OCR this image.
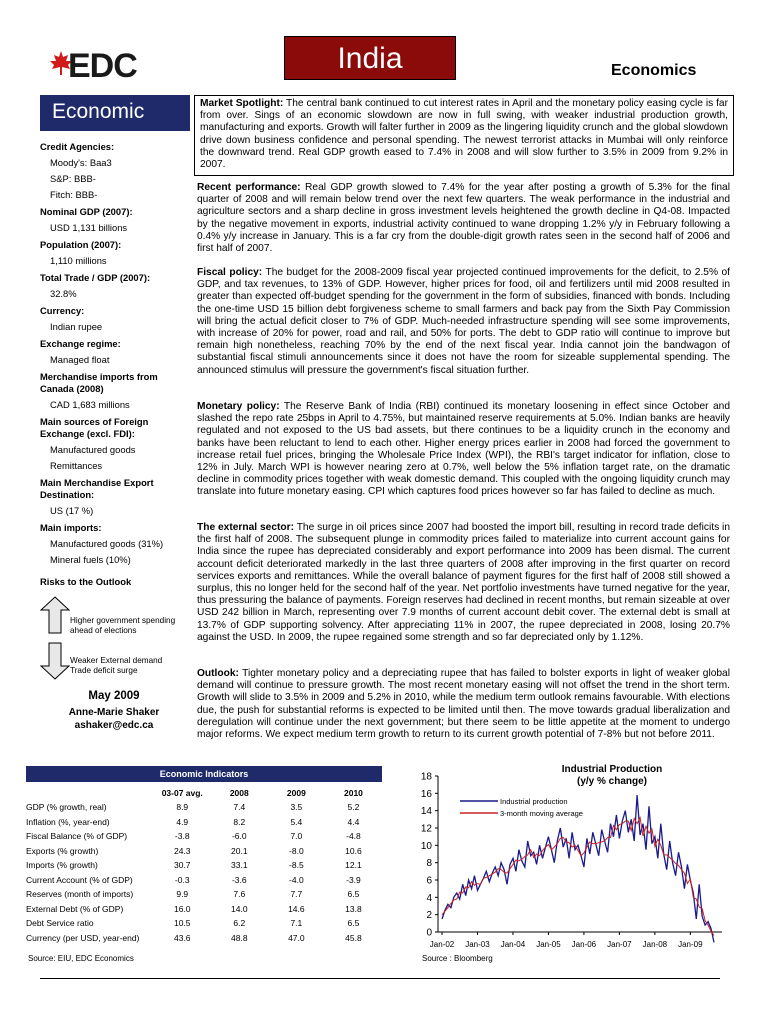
EDC	India	Economics
Economic
Credit Agencies:
Moody's: Baa3
S&P: BBB-
Fitch: BBB-
Nominal GDP (2007):
USD 1,131 billions
Population (2007):
1,110 millions
Total Trade / GDP (2007):
32.8%
Currency:
Indian rupee
Exchange regime:
Managed float
Merchandise imports from Canada (2008)
CAD 1,683 millions
Main sources of Foreign Exchange (excl. FDI):
Manufactured goods
Remittances
Main Merchandise Export Destination:
US (17 %)
Main imports:
Manufactured goods (31%)
Mineral fuels (10%)
Risks to the Outlook
Higher government spending ahead of elections
Weaker External demand Trade deficit surge
May 2009
Anne-Marie Shaker
ashaker@edc.ca
Market Spotlight: The central bank continued to cut interest rates in April and the monetary policy easing cycle is far from over. Sings of an economic slowdown are now in full swing, with weaker industrial production growth, manufacturing and exports. Growth will falter further in 2009 as the lingering liquidity crunch and the global slowdown drive down business confidence and personal spending. The newest terrorist attacks in Mumbai will only reinforce the downward trend. Real GDP growth eased to 7.4% in 2008 and will slow further to 3.5% in 2009 from 9.2% in 2007.
Recent performance: Real GDP growth slowed to 7.4% for the year after posting a growth of 5.3% for the final quarter of 2008 and will remain below trend over the next few quarters. The weak performance in the industrial and agriculture sectors and a sharp decline in gross investment levels heightened the growth decline in Q4-08. Impacted by the negative movement in exports, industrial activity continued to wane dropping 1.2% y/y in February following a 0.4% y/y increase in January. This is a far cry from the double-digit growth rates seen in the second half of 2006 and first half of 2007.
Fiscal policy: The budget for the 2008-2009 fiscal year projected continued improvements for the deficit, to 2.5% of GDP, and tax revenues, to 13% of GDP. However, higher prices for food, oil and fertilizers until mid 2008 resulted in greater than expected off-budget spending for the government in the form of subsidies, financed with bonds. Including the one-time USD 15 billion debt forgiveness scheme to small farmers and back pay from the Sixth Pay Commission will bring the actual deficit closer to 7% of GDP. Much-needed infrastructure spending will see some improvements, with increase of 20% for power, road and rail, and 50% for ports. The debt to GDP ratio will continue to improve but remain high nonetheless, reaching 70% by the end of the next fiscal year. India cannot join the bandwagon of substantial fiscal stimuli announcements since it does not have the room for sizeable supplemental spending. The announced stimulus will pressure the government's fiscal situation further.
Monetary policy: The Reserve Bank of India (RBI) continued its monetary loosening in effect since October and slashed the repo rate 25bps in April to 4.75%, but maintained reserve requirements at 5.0%. Indian banks are heavily regulated and not exposed to the US bad assets, but there continues to be a liquidity crunch in the economy and banks have been reluctant to lend to each other. Higher energy prices earlier in 2008 had forced the government to increase retail fuel prices, bringing the Wholesale Price Index (WPI), the RBI's target indicator for inflation, close to 12% in July. March WPI is however nearing zero at 0.7%, well below the 5% inflation target rate, on the dramatic decline in commodity prices together with weak domestic demand. This coupled with the ongoing liquidity crunch may translate into future monetary easing. CPI which captures food prices however so far has failed to decline as much.
The external sector: The surge in oil prices since 2007 had boosted the import bill, resulting in record trade deficits in the first half of 2008. The subsequent plunge in commodity prices failed to materialize into current account gains for India since the rupee has depreciated considerably and export performance into 2009 has been dismal. The current account deficit deteriorated markedly in the last three quarters of 2008 after improving in the first quarter on record services exports and remittances. While the overall balance of payment figures for the first half of 2008 still showed a surplus, this no longer held for the second half of the year. Net portfolio investments have turned negative for the year, thus pressuring the balance of payments. Foreign reserves had declined in recent months, but remain sizeable at over USD 242 billion in March, representing over 7.9 months of current account debit cover. The external debt is small at 13.7% of GDP supporting solvency. After appreciating 11% in 2007, the rupee depreciated in 2008, losing 20.7% against the USD. In 2009, the rupee regained some strength and so far depreciated only by 1.12%.
Outlook: Tighter monetary policy and a depreciating rupee that has failed to bolster exports in light of weaker global demand will continue to pressure growth. The most recent monetary easing will not offset the trend in the short term. Growth will slide to 3.5% in 2009 and 5.2% in 2010, while the medium term outlook remains favourable. With elections due, the push for substantial reforms is expected to be limited until then. The move towards gradual liberalization and deregulation will continue under the next government; but there seem to be little appetite at the moment to undergo major reforms. We expect medium term growth to return to its current growth potential of 7-8% but not before 2011.
Economic Indicators
	03-07 avg.	2008	2009	2010
GDP (% growth, real)	8.9	7.4	3.5	5.2
Inflation (%, year-end)	4.9	8.2	5.4	4.4
Fiscal Balance (% of GDP)	-3.8	-6.0	7.0	-4.8
Exports (% growth)	24.3	20.1	-8.0	10.6
Imports (% growth)	30.7	33.1	-8.5	12.1
Current Account (% of GDP)	-0.3	-3.6	-4.0	-3.9
Reserves (month of imports)	9.9	7.6	7.7	6.5
External Debt (% of GDP)	16.0	14.0	14.6	13.8
Debt Service ratio	10.5	6.2	7.1	6.5
Currency (per USD, year-end)	43.6	48.8	47.0	45.8
Source: EIU, EDC Economics
Industrial Production
(y/y % change)
0
2
4
6
8
10
12
14
16
18
Jan-02 Jan-03 Jan-04 Jan-05 Jan-06 Jan-07 Jan-08 Jan-09
Industrial production
3-month moving average
Source : Bloomberg
